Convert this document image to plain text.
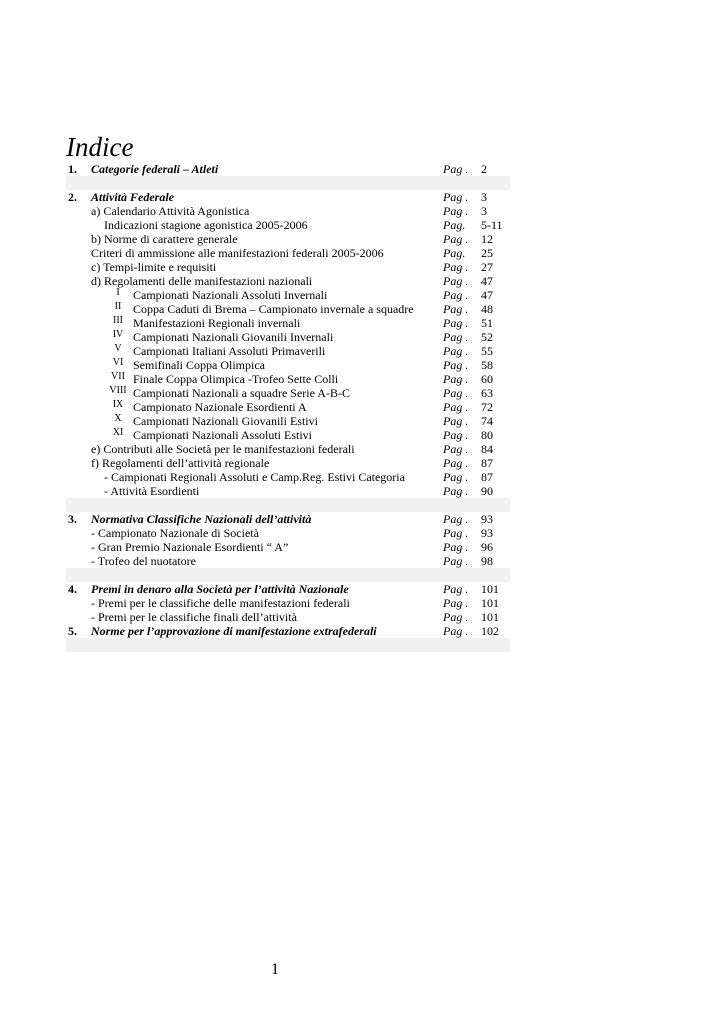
Indice
1. Categorie federali – Atleti	Pag . 2
2. Attività Federale	Pag . 3
a) Calendario Attività Agonistica	Pag . 3
Indicazioni stagione agonistica 2005-2006	Pag. 5-11
b) Norme di carattere generale	Pag . 12
Criteri di ammissione alle manifestazioni federali 2005-2006	Pag. 25
c) Tempi-limite e requisiti	Pag . 27
d) Regolamenti delle manifestazioni nazionali	Pag . 47
I	Campionati Nazionali Assoluti Invernali	Pag . 47
II Coppa Caduti di Brema – Campionato invernale a squadre Pag . 48
III Manifestazioni Regionali invernali	Pag . 51
IV Campionati Nazionali Giovanili Invernali	Pag . 52
V Campionati Italiani Assoluti Primaverili	Pag . 55
VI Semifinali Coppa Olimpica	Pag . 58
VII Finale Coppa Olimpica -Trofeo Sette Colli	Pag . 60
VIII Campionati Nazionali a squadre Serie A-B-C	Pag . 63
IX Campionato Nazionale Esordienti A	Pag . 72
X Campionati Nazionali Giovanili Estivi	Pag . 74
XI Campionati Nazionali Assoluti Estivi	Pag . 80
e) Contributi alle Società per le manifestazioni federali	Pag . 84
f) Regolamenti dell’attività regionale	Pag . 87
- Campionati Regionali Assoluti e Camp.Reg. Estivi Categoria	Pag . 87
- Attività Esordienti	Pag . 90
3. Normativa Classifiche Nazionali dell’attività	Pag . 93
- Campionato Nazionale di Società	Pag . 93
- Gran Premio Nazionale Esordienti “ A”	Pag . 96
- Trofeo del nuotatore	Pag . 98
4. Premi in denaro alla Società per l’attività Nazionale	Pag . 101
- Premi per le classifiche delle manifestazioni federali	Pag . 101
- Premi per le classifiche finali dell’attività	Pag . 101
5. Norme per l’approvazione di manifestazione extrafederali	Pag . 102
1
